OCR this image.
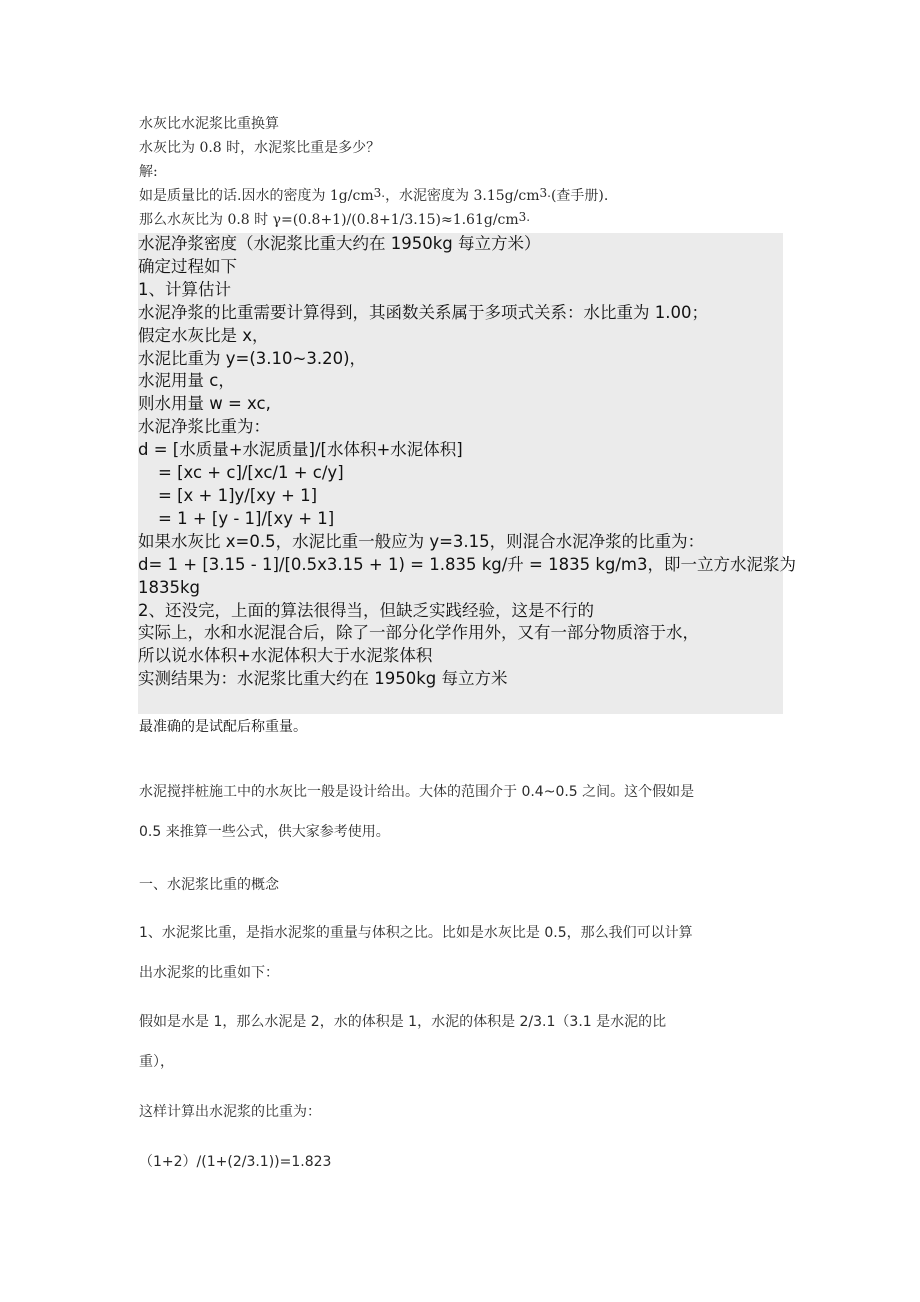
水灰比水泥浆比重换算

水灰比为 0.8 时，水泥浆比重是多少？

解:

如是质量比的话.因水的密度为 1g/cm3.，水泥密度为 3.15g/cm3.(查手册).

那么水灰比为 0.8 时 γ=(0.8+1)/(0.8+1/3.15)≈1.61g/cm3.

水泥净浆密度（水泥浆比重大约在 1950kg 每立方米）

确定过程如下

1、计算估计

水泥净浆的比重需要计算得到，其函数关系属于多项式关系：水比重为 1.00；

假定水灰比是 x，

水泥比重为 y=(3.10~3.20)，

水泥用量 c，

则水用量 w = xc,

水泥净浆比重为：

d = [水质量+水泥质量]/[水体积+水泥体积]

= [xc + c]/[xc/1 + c/y]

= [x + 1]y/[xy + 1]

= 1 + [y - 1]/[xy + 1]

如果水灰比 x=0.5，水泥比重一般应为 y=3.15，则混合水泥净浆的比重为：

d= 1 + [3.15 - 1]/[0.5x3.15 + 1) = 1.835 kg/升 = 1835 kg/m3，即一立方水泥浆为

1835kg

2、还没完，上面的算法很得当，但缺乏实践经验，这是不行的

实际上，水和水泥混合后，除了一部分化学作用外，又有一部分物质溶于水，

所以说水体积+水泥体积大于水泥浆体积

实测结果为：水泥浆比重大约在 1950kg 每立方米

最准确的是试配后称重量。

水泥搅拌桩施工中的水灰比一般是设计给出。大体的范围介于 0.4~0.5 之间。这个假如是

0.5 来推算一些公式，供大家参考使用。

一、水泥浆比重的概念

1、水泥浆比重，是指水泥浆的重量与体积之比。比如是水灰比是 0.5，那么我们可以计算

出水泥浆的比重如下：

假如是水是 1，那么水泥是 2，水的体积是 1，水泥的体积是 2/3.1（3.1 是水泥的比

重），

这样计算出水泥浆的比重为：

（1+2）/(1+(2/3.1))=1.823
